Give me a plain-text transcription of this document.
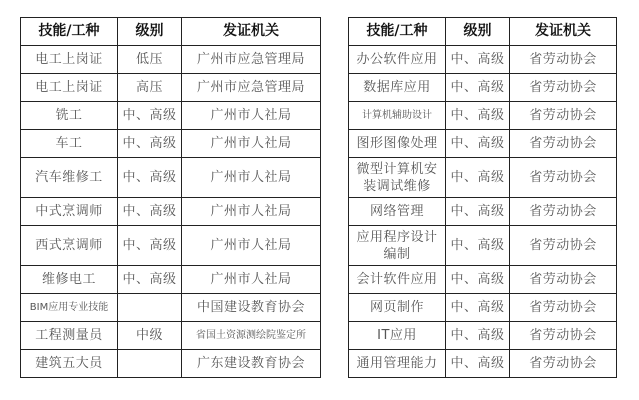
技能/工种	级别	发证机关
电工上岗证	低压	广州市应急管理局
电工上岗证	高压	广州市应急管理局
铣工	中、高级	广州市人社局
车工	中、高级	广州市人社局
汽车维修工	中、高级	广州市人社局
中式烹调师	中、高级	广州市人社局
西式烹调师	中、高级	广州市人社局
维修电工	中、高级	广州市人社局
BIM应用专业技能		中国建设教育协会
工程测量员	中级	省国土资源测绘院鉴定所
建筑五大员		广东建设教育协会
技能/工种	级别	发证机关
办公软件应用	中、高级	省劳动协会
数据库应用	中、高级	省劳动协会
计算机辅助设计	中、高级	省劳动协会
图形图像处理	中、高级	省劳动协会
微型计算机安装调试维修	中、高级	省劳动协会
网络管理	中、高级	省劳动协会
应用程序设计编制	中、高级	省劳动协会
会计软件应用	中、高级	省劳动协会
网页制作	中、高级	省劳动协会
IT应用	中、高级	省劳动协会
通用管理能力	中、高级	省劳动协会
